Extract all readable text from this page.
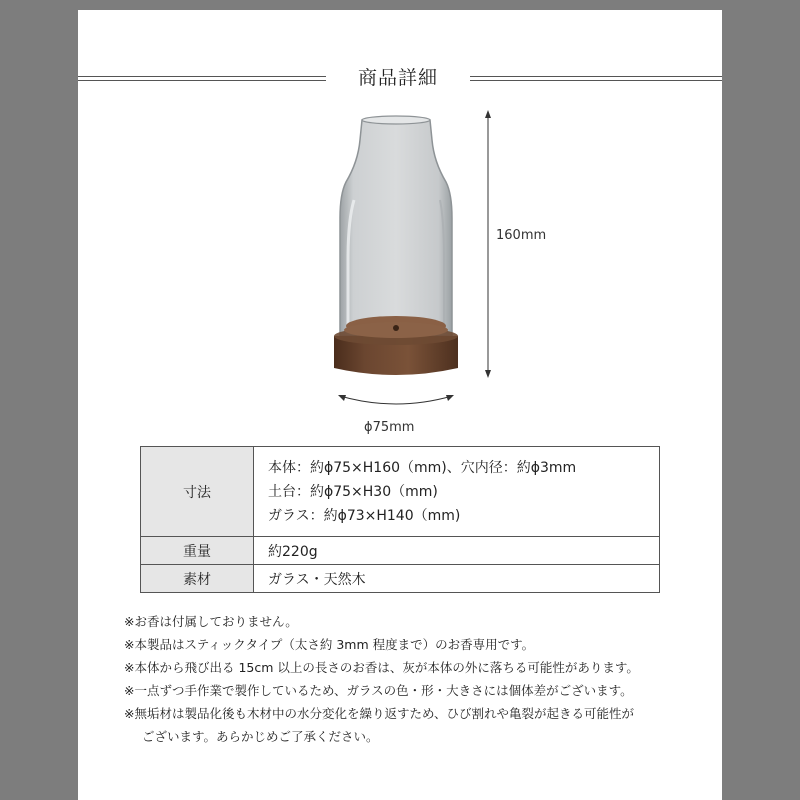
商品詳細
160mm
ϕ75mm
寸法	本体：約ϕ75×H160（mm)、穴内径：約ϕ3mm
土台：約ϕ75×H30（mm)
ガラス：約ϕ73×H140（mm)

重量	約220g
素材	ガラス・天然木
※お香は付属しておりません。
※本製品はスティックタイプ（太さ約 3mm 程度まで）のお香専用です。
※本体から飛び出る 15cm 以上の長さのお香は、灰が本体の外に落ちる可能性があります。
※一点ずつ手作業で製作しているため、ガラスの色・形・大きさには個体差がございます。
※無垢材は製品化後も木材中の水分変化を繰り返すため、ひび割れや亀裂が起きる可能性が
ございます。あらかじめご了承ください。
